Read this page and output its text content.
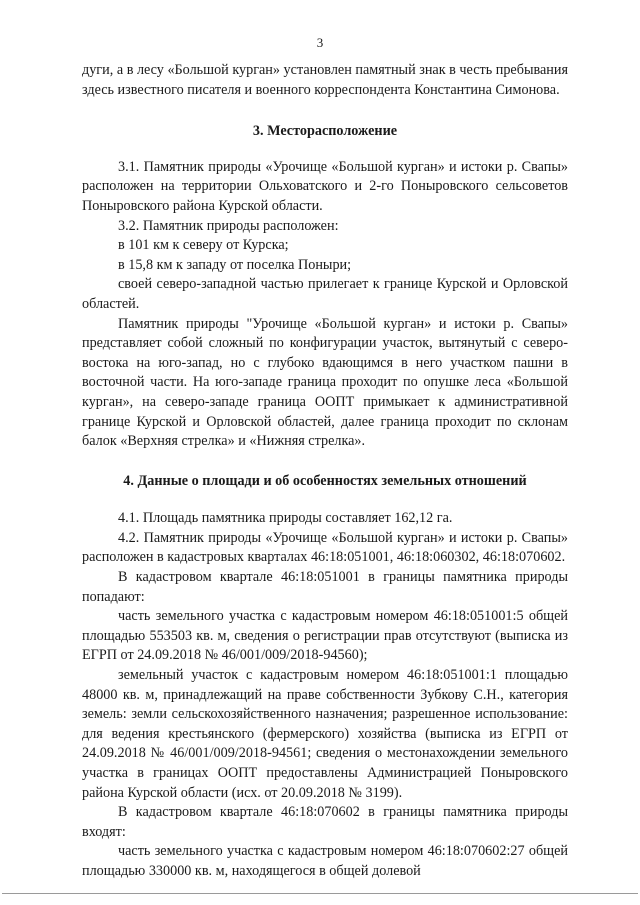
3

дуги, а в лесу «Большой курган» установлен памятный знак в честь пребывания здесь известного писателя и военного корреспондента Константина Симонова.

3. Месторасположение

3.1. Памятник природы «Урочище «Большой курган» и истоки р. Свапы» расположен на территории Ольховатского и 2-го Поныровского сельсоветов Поныровского района Курской области.

3.2. Памятник природы расположен:

в 101 км к северу от Курска;

в 15,8 км к западу от поселка Поныри;

своей северо-западной частью прилегает к границе Курской и Орловской областей.

Памятник природы "Урочище «Большой курган» и истоки р. Свапы» представляет собой сложный по конфигурации участок, вытянутый с северо-востока на юго-запад, но с глубоко вдающимся в него участком пашни в восточной части. На юго-западе граница проходит по опушке леса «Большой курган», на северо-западе граница ООПТ примыкает к административной границе Курской и Орловской областей, далее граница проходит по склонам балок «Верхняя стрелка» и «Нижняя стрелка».

4. Данные о площади и об особенностях земельных отношений

4.1. Площадь памятника природы составляет 162,12 га.

4.2. Памятник природы «Урочище «Большой курган» и истоки р. Свапы» расположен в кадастровых кварталах 46:18:051001, 46:18:060302, 46:18:070602.

В кадастровом квартале 46:18:051001 в границы памятника природы попадают:

часть земельного участка с кадастровым номером 46:18:051001:5 общей площадью 553503 кв. м, сведения о регистрации прав отсутствуют (выписка из ЕГРП от 24.09.2018 № 46/001/009/2018-94560);

земельный участок с кадастровым номером 46:18:051001:1 площадью 48000 кв. м, принадлежащий на праве собственности Зубкову С.Н., категория земель: земли сельскохозяйственного назначения; разрешенное использование: для ведения крестьянского (фермерского) хозяйства (выписка из ЕГРП от 24.09.2018 № 46/001/009/2018-94561; сведения о местонахождении земельного участка в границах ООПТ предоставлены Администрацией Поныровского района Курской области (исх. от 20.09.2018 № 3199).

В кадастровом квартале 46:18:070602 в границы памятника природы входят:

часть земельного участка с кадастровым номером 46:18:070602:27 общей площадью 330000 кв. м, находящегося в общей долевой
